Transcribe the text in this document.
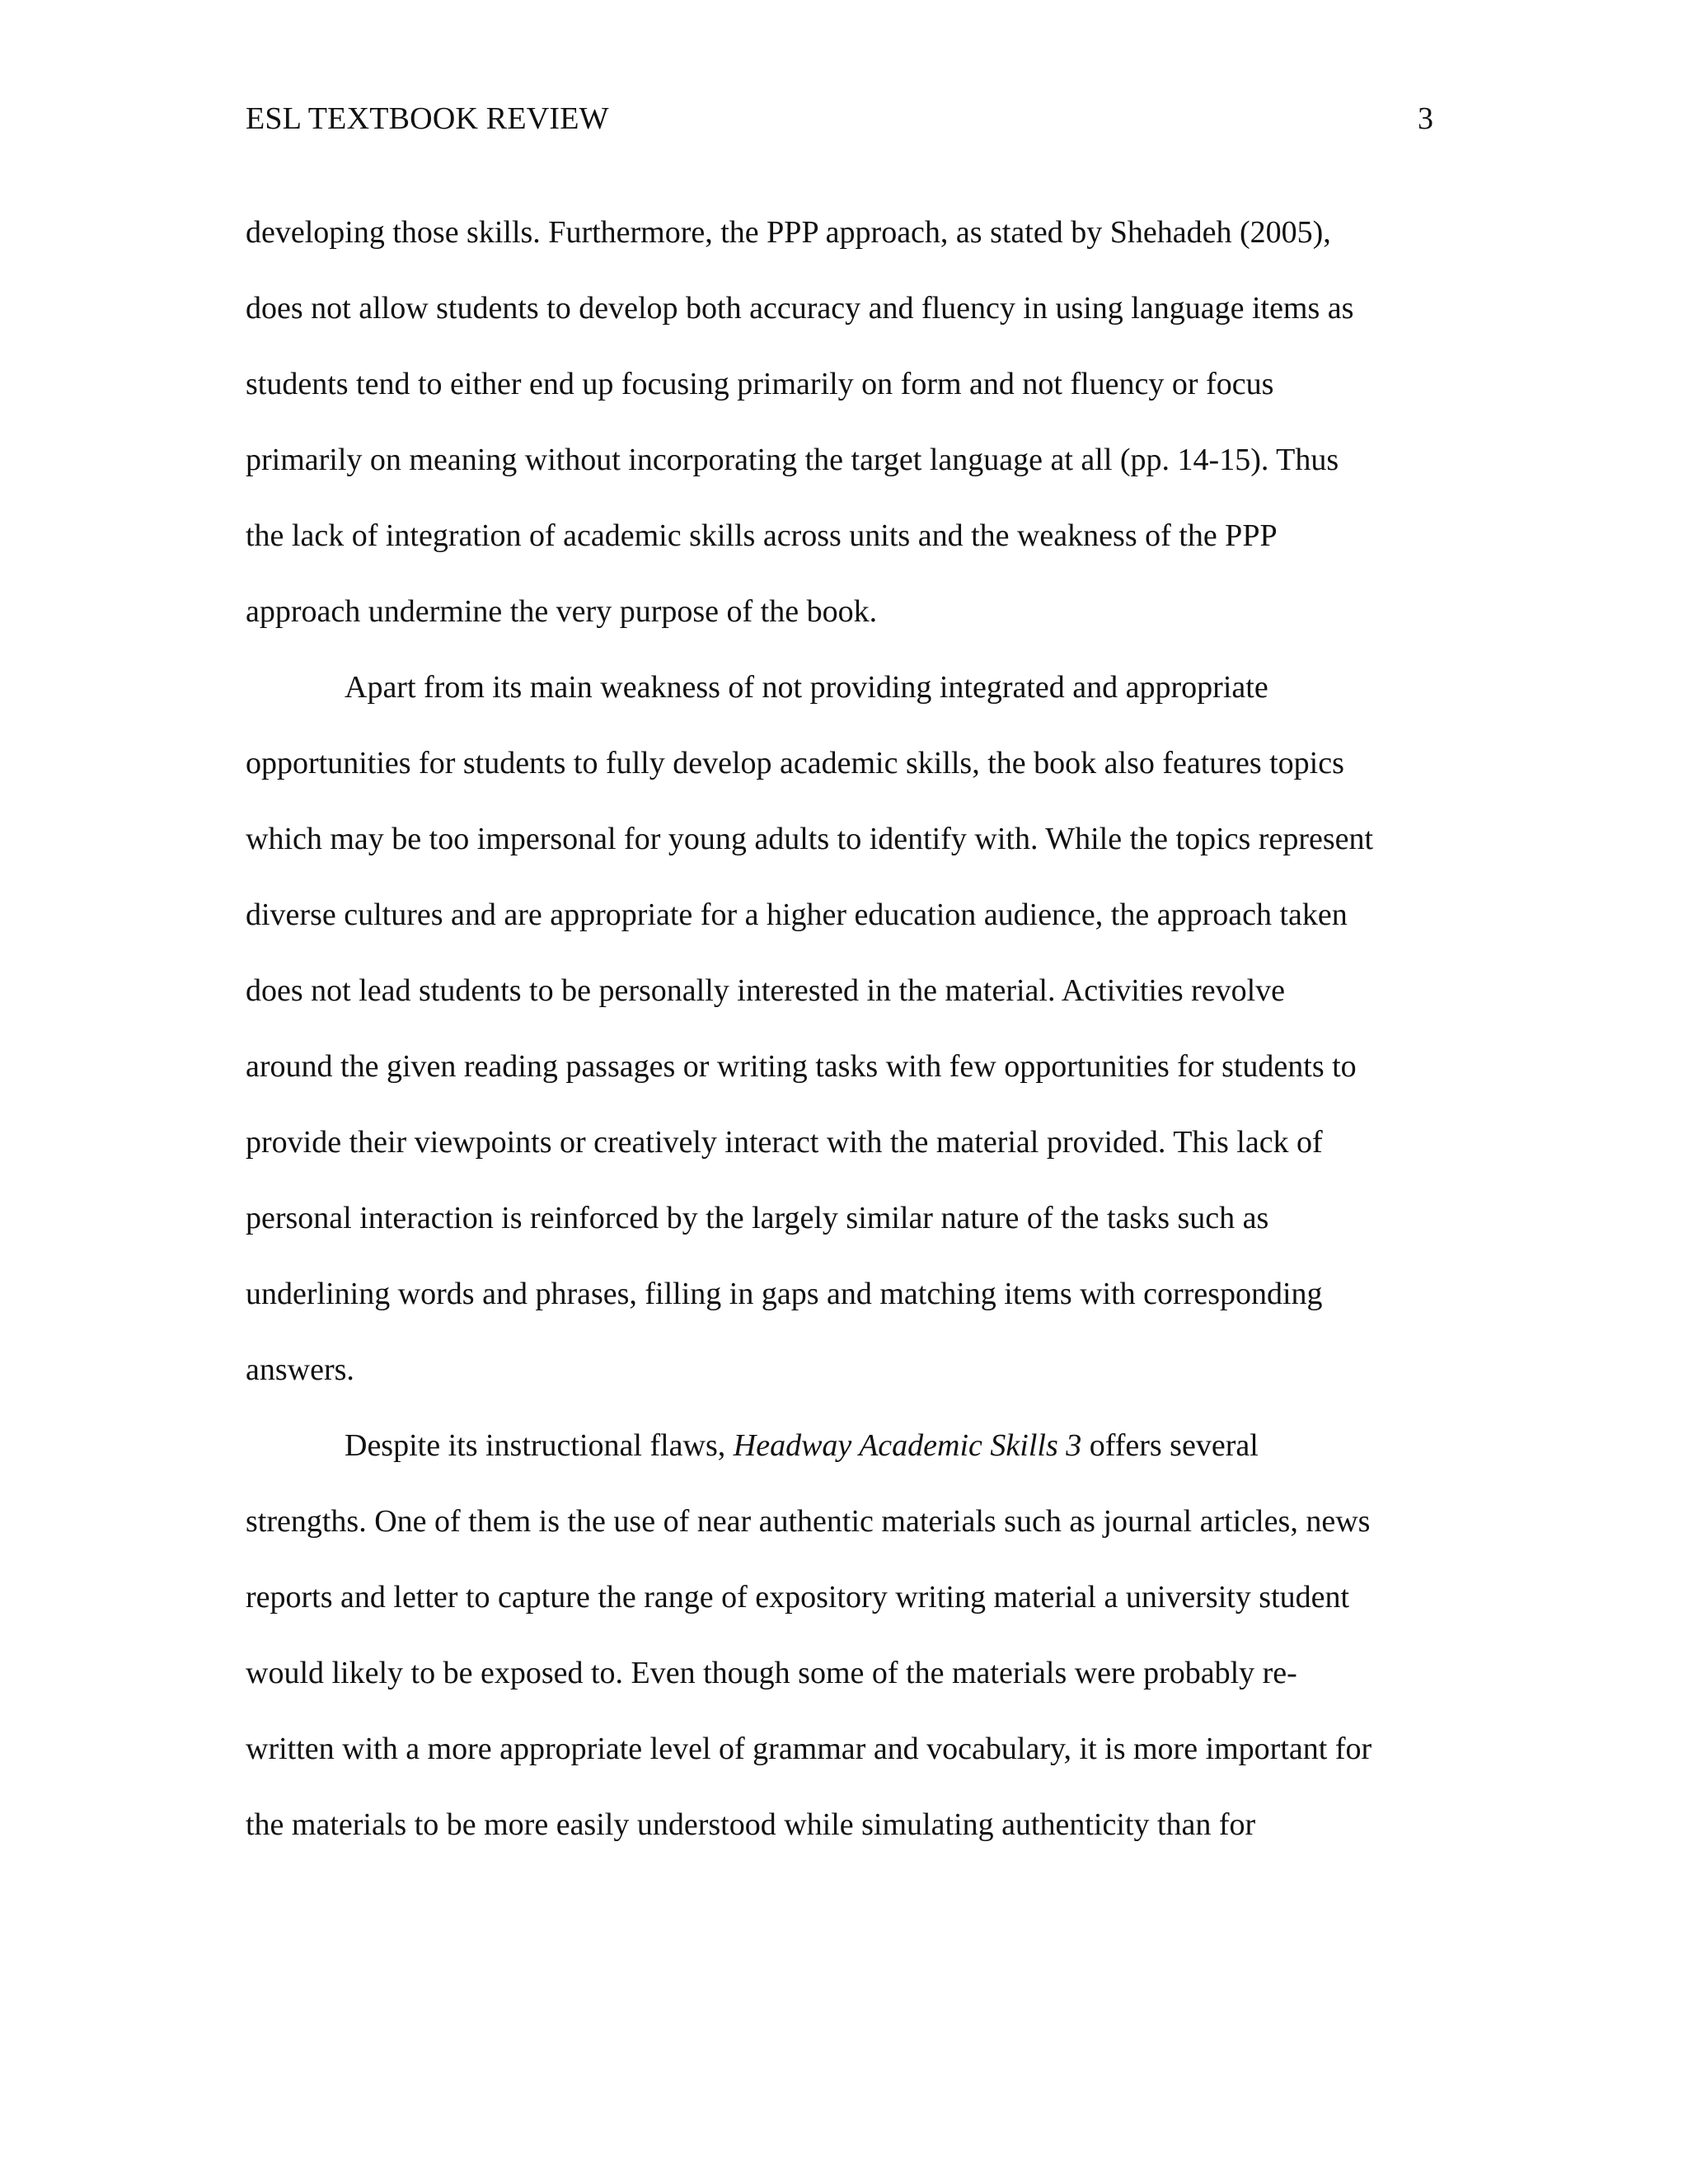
ESL TEXTBOOK REVIEW	3
developing those skills. Furthermore, the PPP approach, as stated by Shehadeh (2005),
does not allow students to develop both accuracy and fluency in using language items as
students tend to either end up focusing primarily on form and not fluency or focus
primarily on meaning without incorporating the target language at all (pp. 14-15). Thus
the lack of integration of academic skills across units and the weakness of the PPP
approach undermine the very purpose of the book.
Apart from its main weakness of not providing integrated and appropriate
opportunities for students to fully develop academic skills, the book also features topics
which may be too impersonal for young adults to identify with. While the topics represent
diverse cultures and are appropriate for a higher education audience, the approach taken
does not lead students to be personally interested in the material. Activities revolve
around the given reading passages or writing tasks with few opportunities for students to
provide their viewpoints or creatively interact with the material provided. This lack of
personal interaction is reinforced by the largely similar nature of the tasks such as
underlining words and phrases, filling in gaps and matching items with corresponding
answers.
Despite its instructional flaws, Headway Academic Skills 3 offers several
strengths. One of them is the use of near authentic materials such as journal articles, news
reports and letter to capture the range of expository writing material a university student
would likely to be exposed to. Even though some of the materials were probably re-
written with a more appropriate level of grammar and vocabulary, it is more important for
the materials to be more easily understood while simulating authenticity than for
